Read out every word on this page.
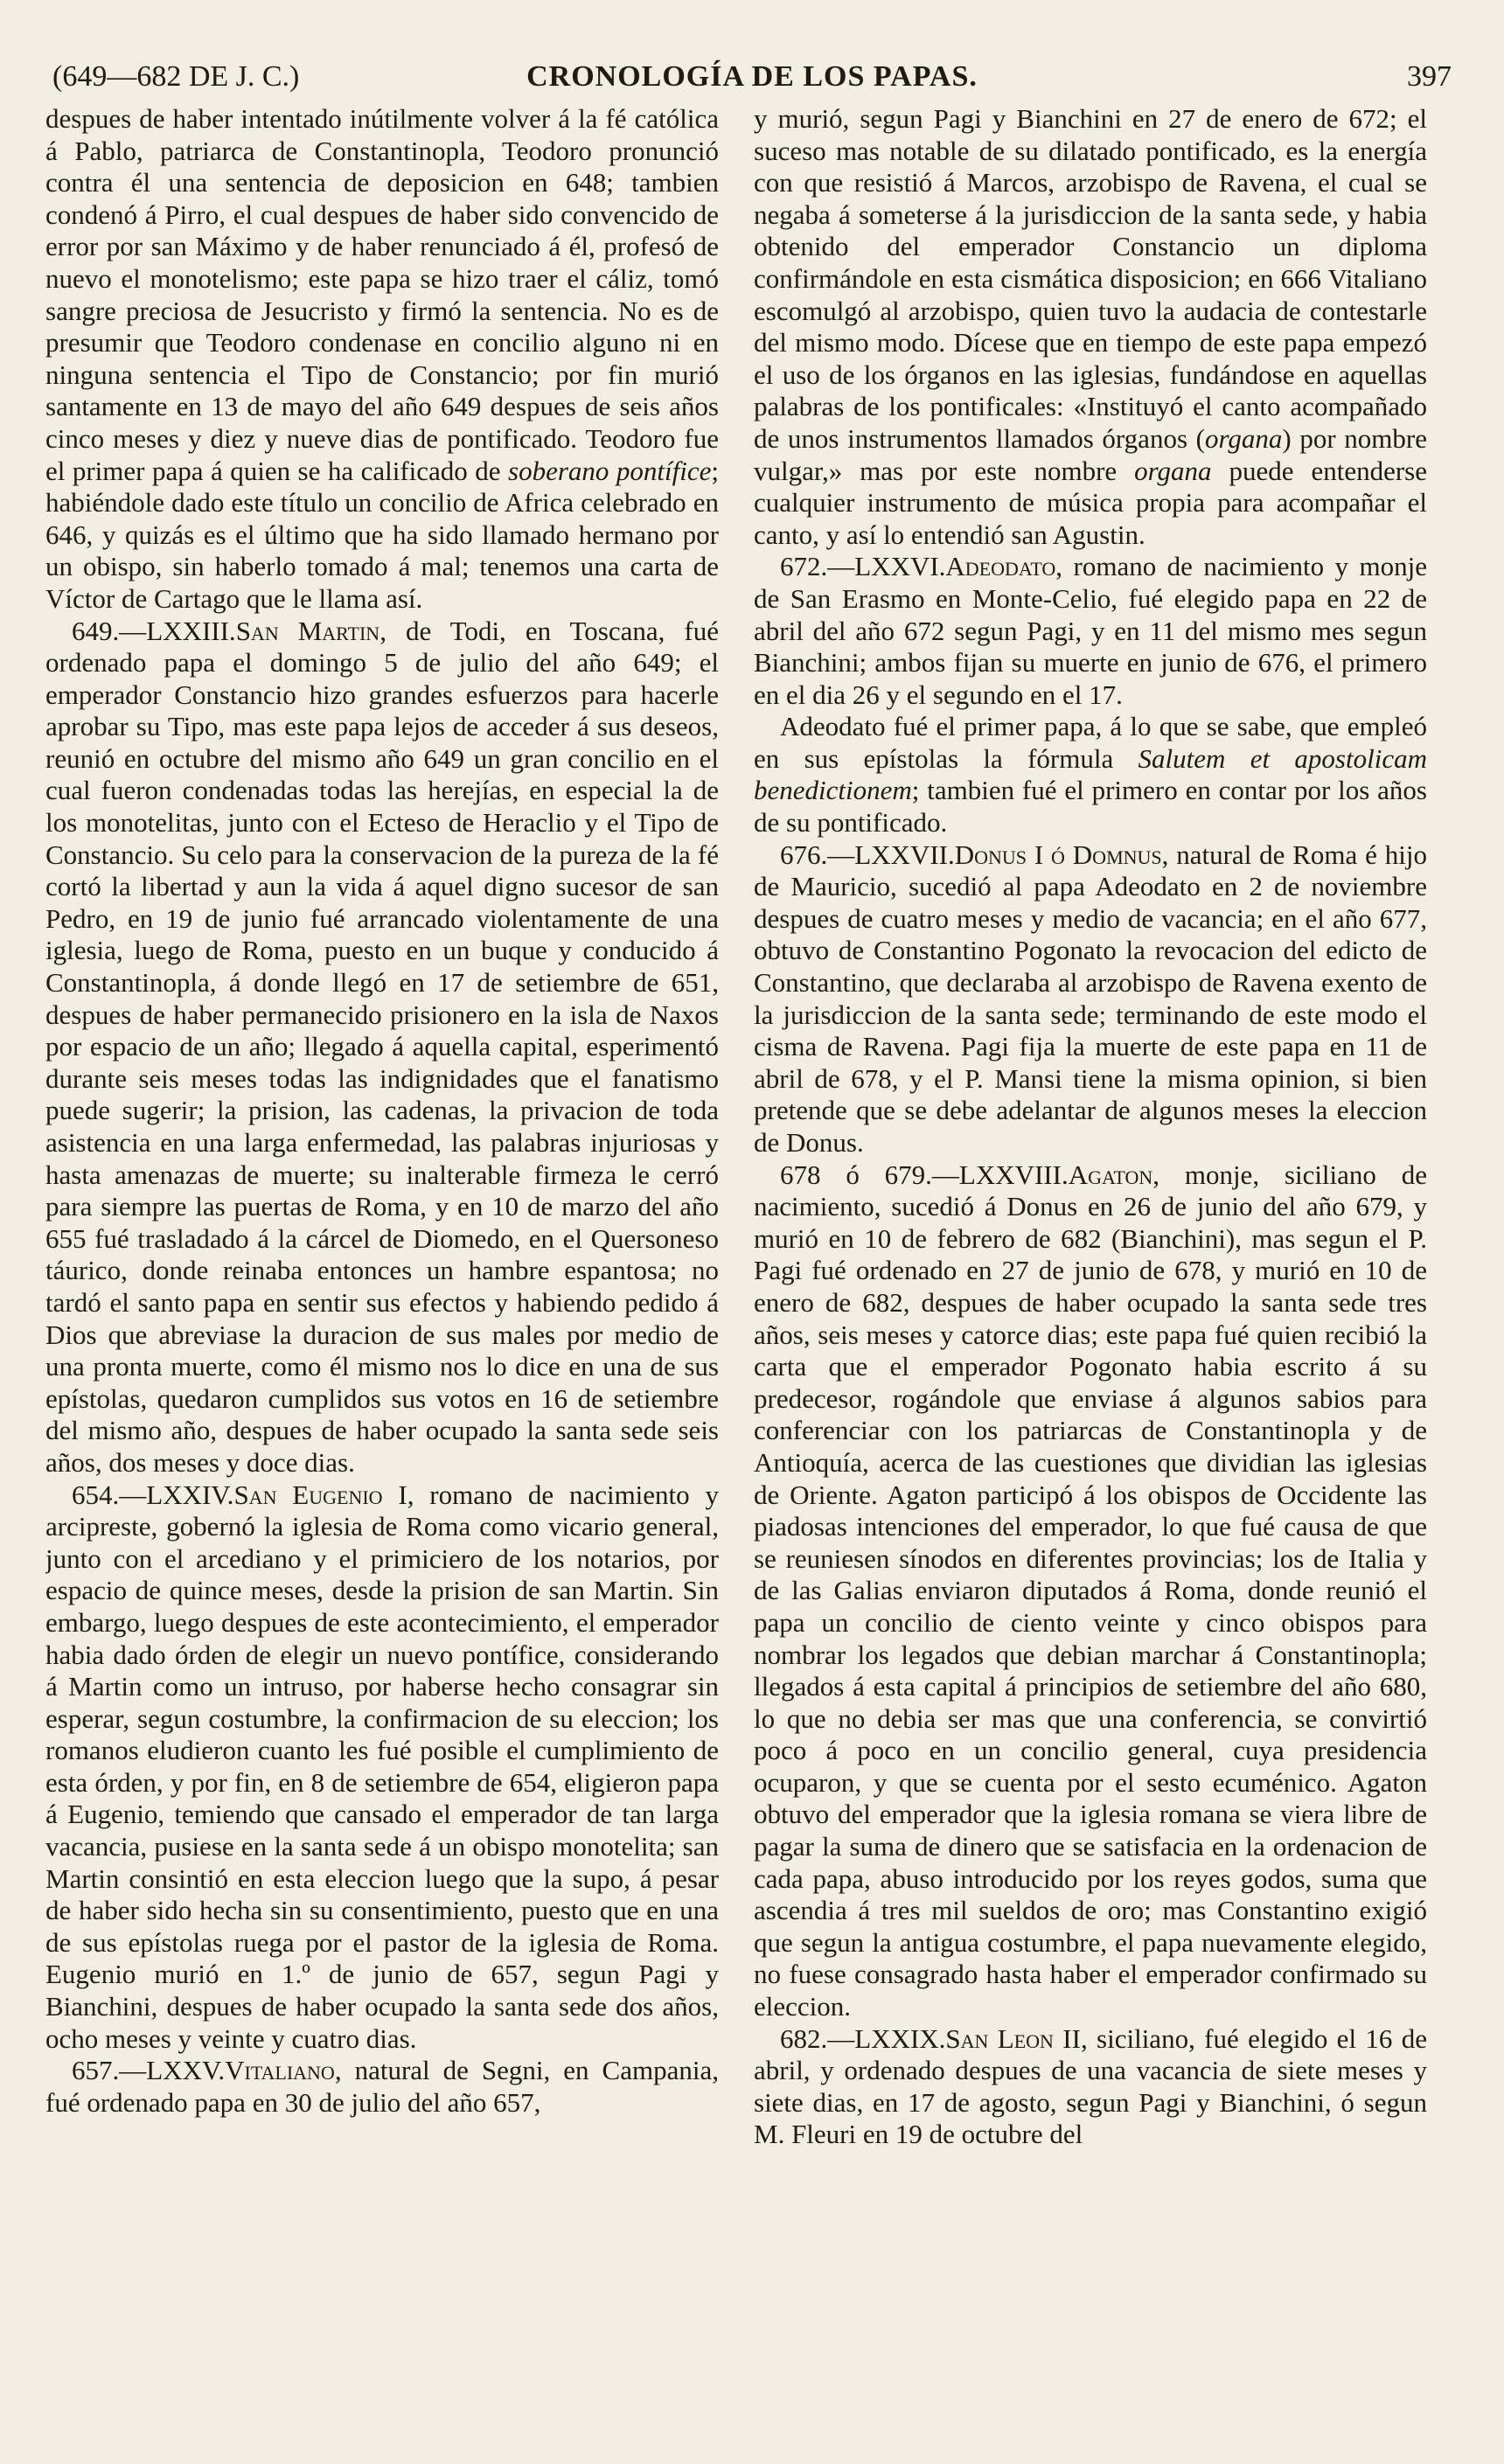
(649—682 DE J. C.)	CRONOLOGÍA DE LOS PAPAS.	397

despues de haber intentado inútilmente volver á la fé católica á Pablo, patriarca de Constantinopla, Teodoro pronunció contra él una sentencia de deposicion en 648; tambien condenó á Pirro, el cual despues de haber sido convencido de error por san Máximo y de haber renunciado á él, profesó de nuevo el monotelismo; este papa se hizo traer el cáliz, tomó sangre preciosa de Jesucristo y firmó la sentencia. No es de presumir que Teodoro condenase en concilio alguno ni en ninguna sentencia el Tipo de Constancio; por fin murió santamente en 13 de mayo del año 649 despues de seis años cinco meses y diez y nueve dias de pontificado. Teodoro fue el primer papa á quien se ha calificado de soberano pontífice; habiéndole dado este título un concilio de Africa celebrado en 646, y quizás es el último que ha sido llamado hermano por un obispo, sin haberlo tomado á mal; tenemos una carta de Víctor de Cartago que le llama así.

649.—LXXIII.San Martin, de Todi, en Toscana, fué ordenado papa el domingo 5 de julio del año 649; el emperador Constancio hizo grandes esfuerzos para hacerle aprobar su Tipo, mas este papa lejos de acceder á sus deseos, reunió en octubre del mismo año 649 un gran concilio en el cual fueron condenadas todas las herejías, en especial la de los monotelitas, junto con el Ecteso de Heraclio y el Tipo de Constancio. Su celo para la conservacion de la pureza de la fé cortó la libertad y aun la vida á aquel digno sucesor de san Pedro, en 19 de junio fué arrancado violentamente de una iglesia, luego de Roma, puesto en un buque y conducido á Constantinopla, á donde llegó en 17 de setiembre de 651, despues de haber permanecido prisionero en la isla de Naxos por espacio de un año; llegado á aquella capital, esperimentó durante seis meses todas las indignidades que el fanatismo puede sugerir; la prision, las cadenas, la privacion de toda asistencia en una larga enfermedad, las palabras injuriosas y hasta amenazas de muerte; su inalterable firmeza le cerró para siempre las puertas de Roma, y en 10 de marzo del año 655 fué trasladado á la cárcel de Diomedo, en el Quersoneso táurico, donde reinaba entonces un hambre espantosa; no tardó el santo papa en sentir sus efectos y habiendo pedido á Dios que abreviase la duracion de sus males por medio de una pronta muerte, como él mismo nos lo dice en una de sus epístolas, quedaron cumplidos sus votos en 16 de setiembre del mismo año, despues de haber ocupado la santa sede seis años, dos meses y doce dias.

654.—LXXIV.San Eugenio I, romano de nacimiento y arcipreste, gobernó la iglesia de Roma como vicario general, junto con el arcediano y el primiciero de los notarios, por espacio de quince meses, desde la prision de san Martin. Sin embargo, luego despues de este acontecimiento, el emperador habia dado órden de elegir un nuevo pontífice, considerando á Martin como un intruso, por haberse hecho consagrar sin esperar, segun costumbre, la confirmacion de su eleccion; los romanos eludieron cuanto les fué posible el cumplimiento de esta órden, y por fin, en 8 de setiembre de 654, eligieron papa á Eugenio, temiendo que cansado el emperador de tan larga vacancia, pusiese en la santa sede á un obispo monotelita; san Martin consintió en esta eleccion luego que la supo, á pesar de haber sido hecha sin su consentimiento, puesto que en una de sus epístolas ruega por el pastor de la iglesia de Roma. Eugenio murió en 1.º de junio de 657, segun Pagi y Bianchini, despues de haber ocupado la santa sede dos años, ocho meses y veinte y cuatro dias.

657.—LXXV.Vitaliano, natural de Segni, en Campania, fué ordenado papa en 30 de julio del año 657,

y murió, segun Pagi y Bianchini en 27 de enero de 672; el suceso mas notable de su dilatado pontificado, es la energía con que resistió á Marcos, arzobispo de Ravena, el cual se negaba á someterse á la jurisdiccion de la santa sede, y habia obtenido del emperador Constancio un diploma confirmándole en esta cismática disposicion; en 666 Vitaliano escomulgó al arzobispo, quien tuvo la audacia de contestarle del mismo modo. Dícese que en tiempo de este papa empezó el uso de los órganos en las iglesias, fundándose en aquellas palabras de los pontificales: «Instituyó el canto acompañado de unos instrumentos llamados órganos (organa) por nombre vulgar,» mas por este nombre organa puede entenderse cualquier instrumento de música propia para acompañar el canto, y así lo entendió san Agustin.

672.—LXXVI.Adeodato, romano de nacimiento y monje de San Erasmo en Monte-Celio, fué elegido papa en 22 de abril del año 672 segun Pagi, y en 11 del mismo mes segun Bianchini; ambos fijan su muerte en junio de 676, el primero en el dia 26 y el segundo en el 17.

Adeodato fué el primer papa, á lo que se sabe, que empleó en sus epístolas la fórmula Salutem et apostolicam benedictionem; tambien fué el primero en contar por los años de su pontificado.

676.—LXXVII.Donus I ó Domnus, natural de Roma é hijo de Mauricio, sucedió al papa Adeodato en 2 de noviembre despues de cuatro meses y medio de vacancia; en el año 677, obtuvo de Constantino Pogonato la revocacion del edicto de Constantino, que declaraba al arzobispo de Ravena exento de la jurisdiccion de la santa sede; terminando de este modo el cisma de Ravena. Pagi fija la muerte de este papa en 11 de abril de 678, y el P. Mansi tiene la misma opinion, si bien pretende que se debe adelantar de algunos meses la eleccion de Donus.

678 ó 679.—LXXVIII.Agaton, monje, siciliano de nacimiento, sucedió á Donus en 26 de junio del año 679, y murió en 10 de febrero de 682 (Bianchini), mas segun el P. Pagi fué ordenado en 27 de junio de 678, y murió en 10 de enero de 682, despues de haber ocupado la santa sede tres años, seis meses y catorce dias; este papa fué quien recibió la carta que el emperador Pogonato habia escrito á su predecesor, rogándole que enviase á algunos sabios para conferenciar con los patriarcas de Constantinopla y de Antioquía, acerca de las cuestiones que dividian las iglesias de Oriente. Agaton participó á los obispos de Occidente las piadosas intenciones del emperador, lo que fué causa de que se reuniesen sínodos en diferentes provincias; los de Italia y de las Galias enviaron diputados á Roma, donde reunió el papa un concilio de ciento veinte y cinco obispos para nombrar los legados que debian marchar á Constantinopla; llegados á esta capital á principios de setiembre del año 680, lo que no debia ser mas que una conferencia, se convirtió poco á poco en un concilio general, cuya presidencia ocuparon, y que se cuenta por el sesto ecuménico. Agaton obtuvo del emperador que la iglesia romana se viera libre de pagar la suma de dinero que se satisfacia en la ordenacion de cada papa, abuso introducido por los reyes godos, suma que ascendia á tres mil sueldos de oro; mas Constantino exigió que segun la antigua costumbre, el papa nuevamente elegido, no fuese consagrado hasta haber el emperador confirmado su eleccion.

682.—LXXIX.San Leon II, siciliano, fué elegido el 16 de abril, y ordenado despues de una vacancia de siete meses y siete dias, en 17 de agosto, segun Pagi y Bianchini, ó segun M. Fleuri en 19 de octubre del
